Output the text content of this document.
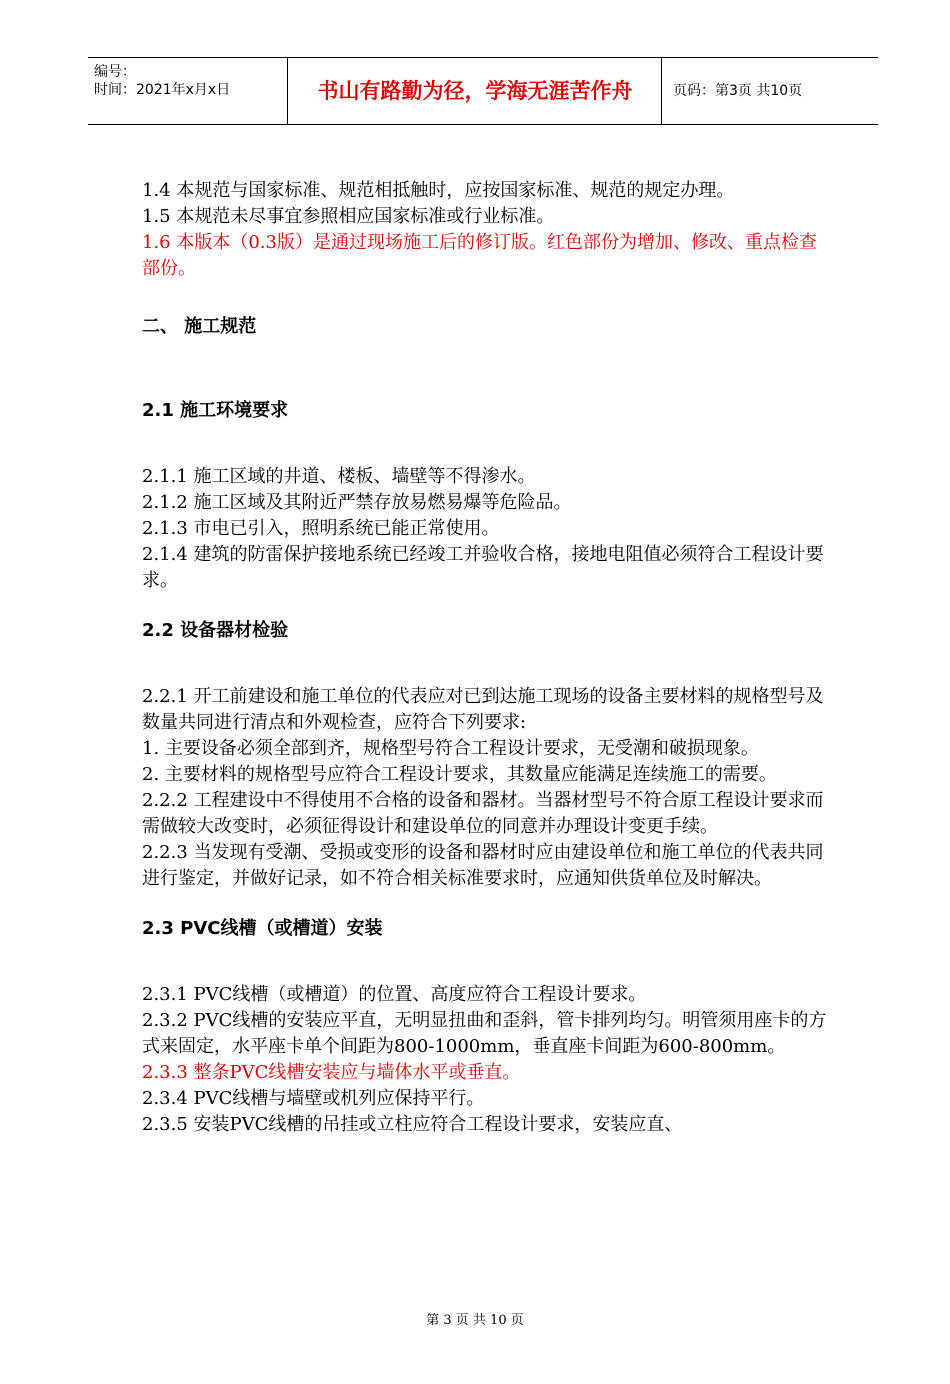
编号：
时间：2021年x月x日	书山有路勤为径，学海无涯苦作舟	页码：第3页 共10页

1.4 本规范与国家标准、规范相抵触时，应按国家标准、规范的规定办理。

1.5 本规范未尽事宜参照相应国家标准或行业标准。

1.6 本版本（0.3版）是通过现场施工后的修订版。红色部份为增加、修改、重点检查部份。

二、 施工规范

2.1 施工环境要求

2.1.1 施工区域的井道、楼板、墙壁等不得渗水。

2.1.2 施工区域及其附近严禁存放易燃易爆等危险品。

2.1.3 市电已引入，照明系统已能正常使用。

2.1.4 建筑的防雷保护接地系统已经竣工并验收合格，接地电阻值必须符合工程设计要求。

2.2 设备器材检验

2.2.1 开工前建设和施工单位的代表应对已到达施工现场的设备主要材料的规格型号及数量共同进行清点和外观检查，应符合下列要求:

1. 主要设备必须全部到齐，规格型号符合工程设计要求，无受潮和破损现象。

2. 主要材料的规格型号应符合工程设计要求，其数量应能满足连续施工的需要。

2.2.2 工程建设中不得使用不合格的设备和器材。当器材型号不符合原工程设计要求而需做较大改变时，必须征得设计和建设单位的同意并办理设计变更手续。

2.2.3 当发现有受潮、受损或变形的设备和器材时应由建设单位和施工单位的代表共同进行鉴定，并做好记录，如不符合相关标准要求时，应通知供货单位及时解决。

2.3 PVC线槽（或槽道）安装

2.3.1 PVC线槽（或槽道）的位置、高度应符合工程设计要求。

2.3.2 PVC线槽的安装应平直，无明显扭曲和歪斜，管卡排列均匀。明管须用座卡的方式来固定，水平座卡单个间距为800-1000mm，垂直座卡间距为600-800mm。

2.3.3 整条PVC线槽安装应与墙体水平或垂直。

2.3.4 PVC线槽与墙壁或机列应保持平行。

2.3.5 安装PVC线槽的吊挂或立柱应符合工程设计要求，安装应直、

第 3 页 共 10 页
